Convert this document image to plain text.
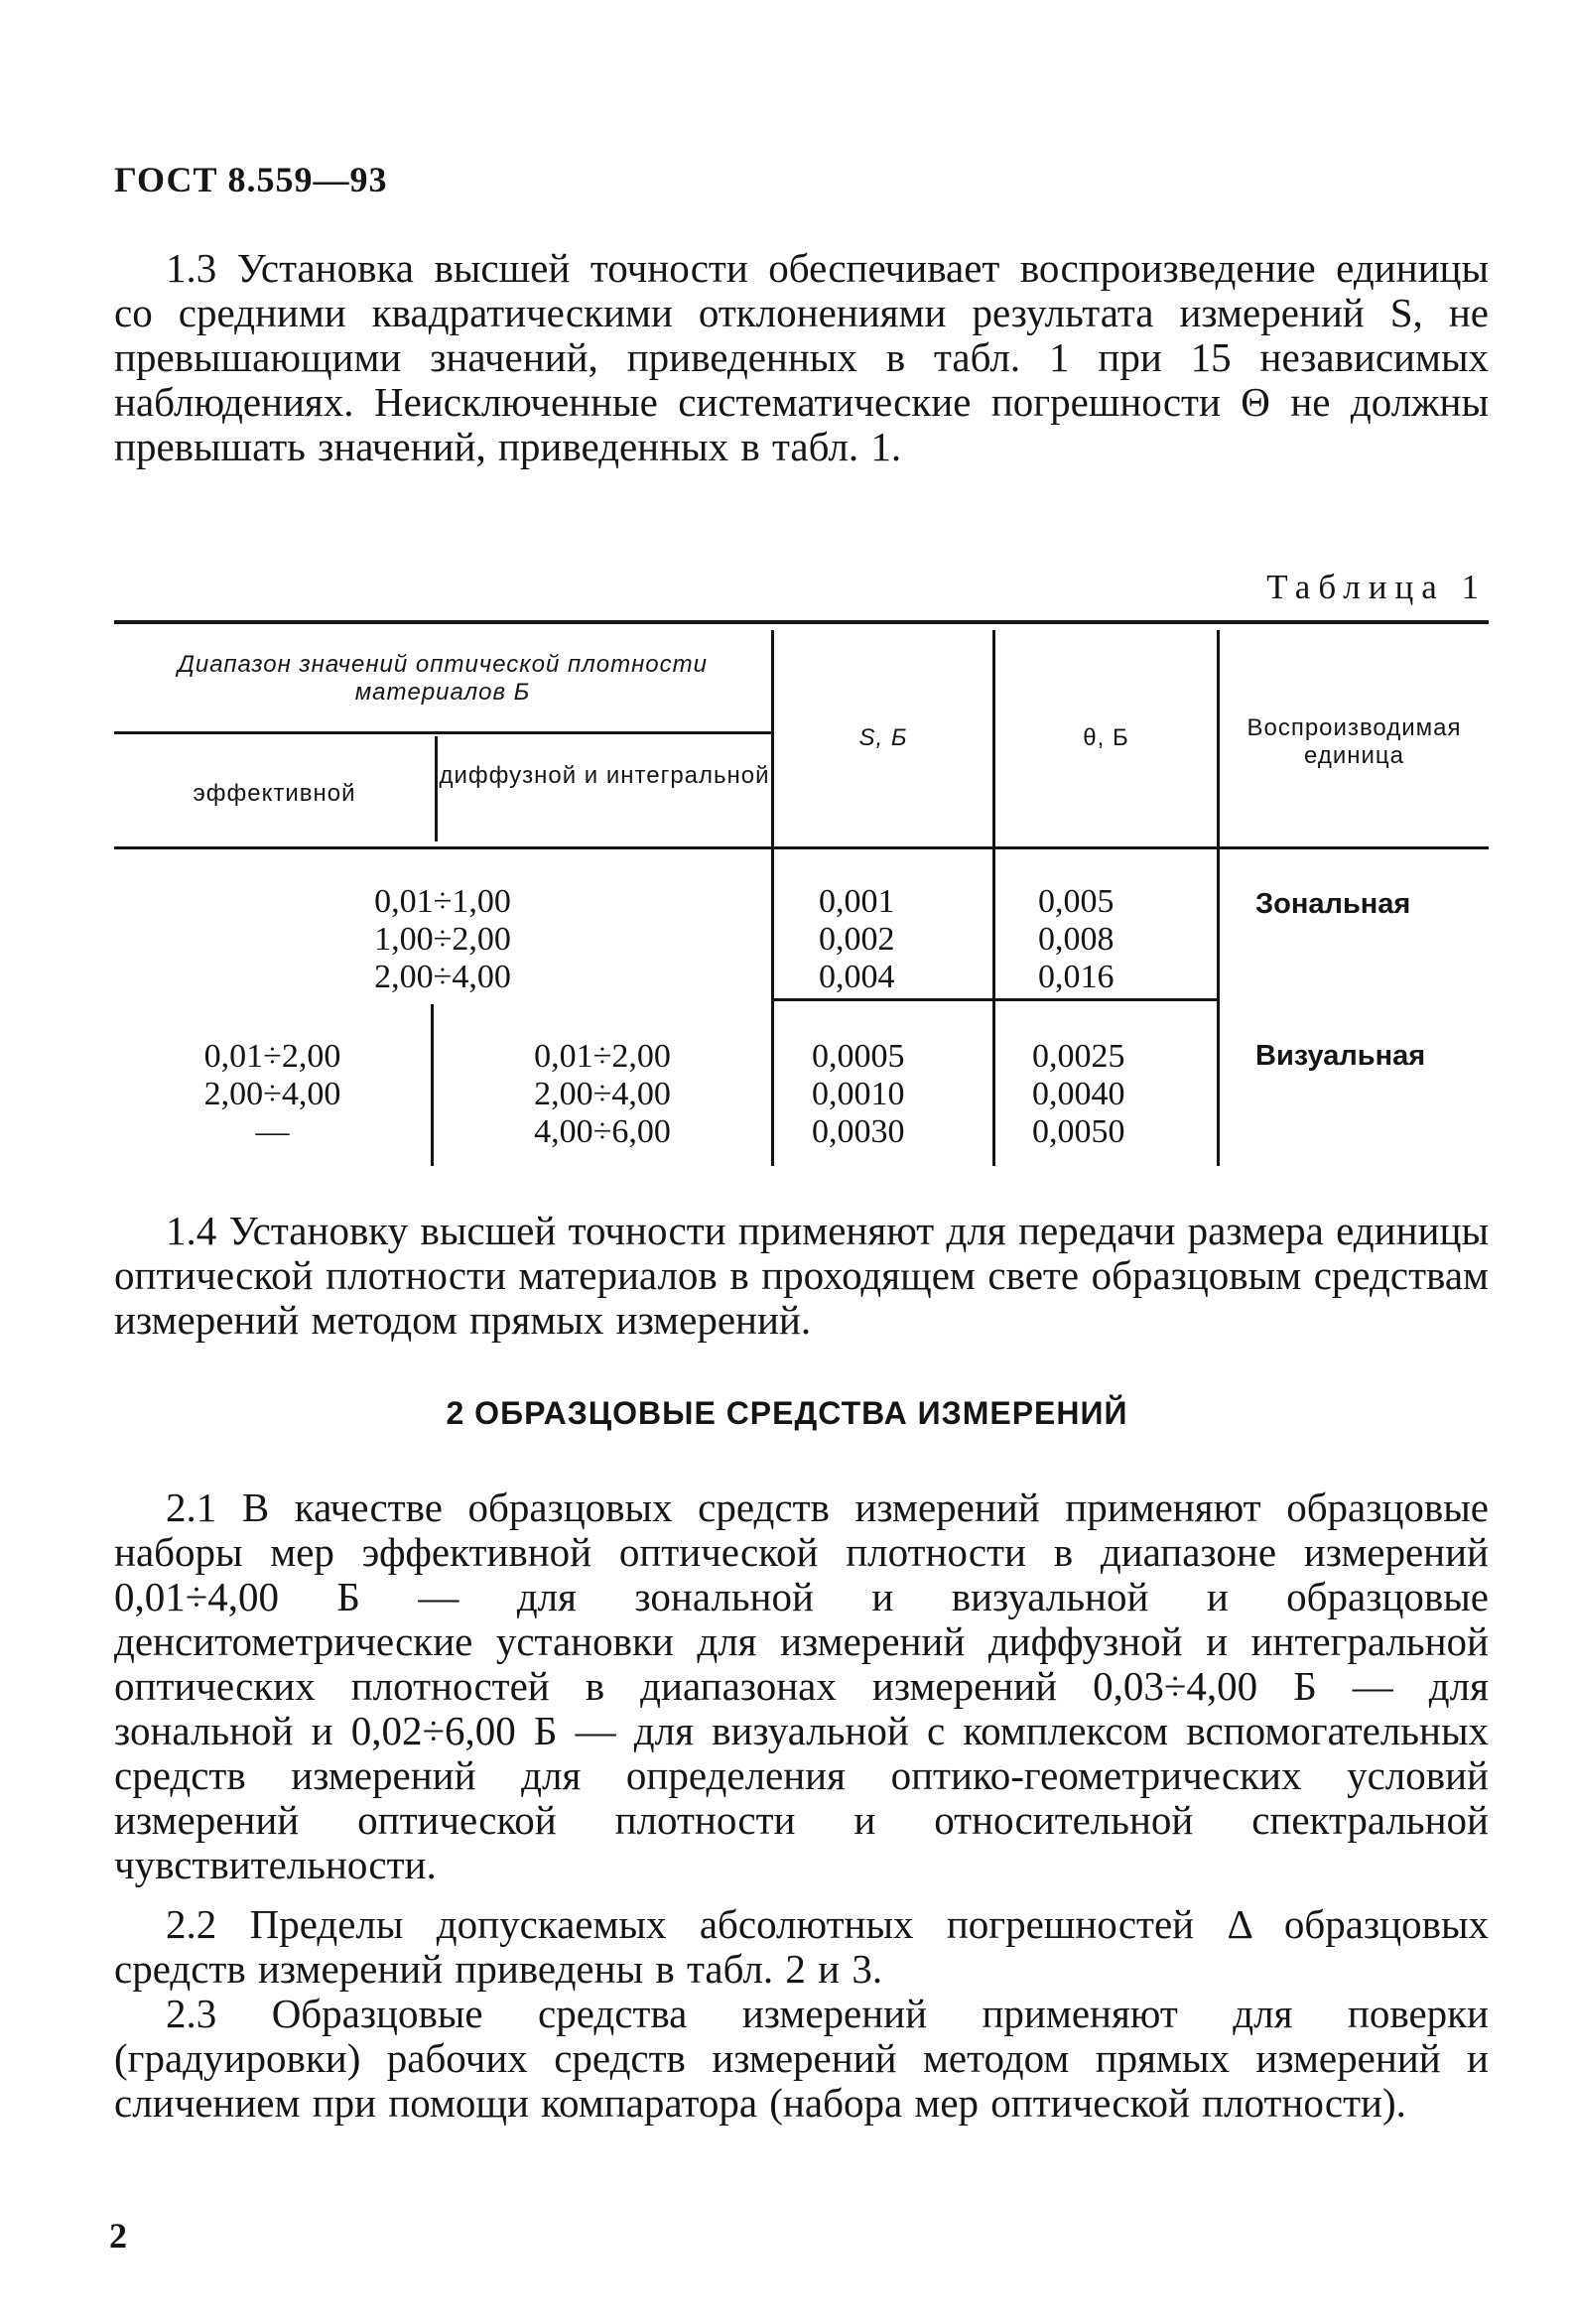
ГОСТ 8.559—93
1.3 Установка высшей точности обеспечивает воспроизведение единицы со средними квадратическими отклонениями результата измерений S, не превышающими значений, приведенных в табл. 1 при 15 независимых наблюдениях. Неисключенные систематические погрешности Θ не должны превышать значений, приведенных в табл. 1.
Таблица 1
Диапазон значений оптической плотности материалов Б
эффективной
диффузной и интегральной
S, Б	θ, Б	Воспроизводимая единица
0,01÷1,00
1,00÷2,00
2,00÷4,00
0,001
0,002
0,004
0,005
0,008
0,016
Зональная
0,01÷2,00
2,00÷4,00
—
0,01÷2,00
2,00÷4,00
4,00÷6,00
0,0005
0,0010
0,0030
0,0025
0,0040
0,0050
Визуальная
1.4 Установку высшей точности применяют для передачи размера единицы оптической плотности материалов в проходящем свете образцовым средствам измерений методом прямых измерений.
2 ОБРАЗЦОВЫЕ СРЕДСТВА ИЗМЕРЕНИЙ
2.1 В качестве образцовых средств измерений применяют образцовые наборы мер эффективной оптической плотности в диапазоне измерений 0,01÷4,00 Б — для зональной и визуальной и образцовые денситометрические установки для измерений диффузной и интегральной оптических плотностей в диапазонах измерений 0,03÷4,00 Б — для зональной и 0,02÷6,00 Б — для визуальной с комплексом вспомогательных средств измерений для определения оптико-геометрических условий измерений оптической плотности и относительной спектральной чувствительности.
2.2 Пределы допускаемых абсолютных погрешностей Δ образцовых средств измерений приведены в табл. 2 и 3.
2.3 Образцовые средства измерений применяют для поверки (градуировки) рабочих средств измерений методом прямых измерений и сличением при помощи компаратора (набора мер оптической плотности).
2
